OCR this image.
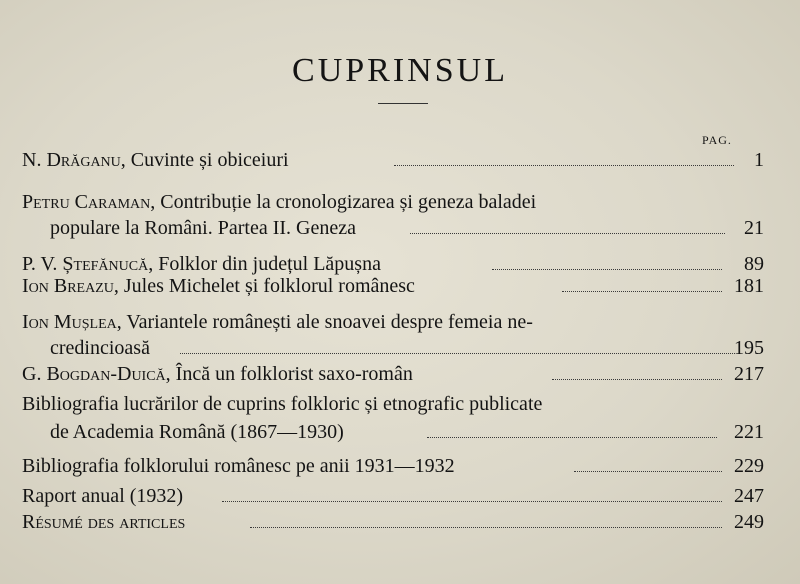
CUPRINSUL
PAG.
N. Drăganu, Cuvinte și obiceiuri	1
Petru Caraman, Contribuție la cronologizarea și geneza baladei
populare la Români. Partea II. Geneza	21
P. V. Ștefănucă, Folklor din județul Lăpușna	89
Ion Breazu, Jules Michelet și folklorul românesc	181
Ion Mușlea, Variantele românești ale snoavei despre femeia ne-
credincioasă	195
G. Bogdan-Duică, Încă un folklorist saxo-român	217
Bibliografia lucrărilor de cuprins folkloric și etnografic publicate
de Academia Română (1867—1930)	221
Bibliografia folklorului românesc pe anii 1931—1932	229
Raport anual (1932)	247
Résumé des articles	249
